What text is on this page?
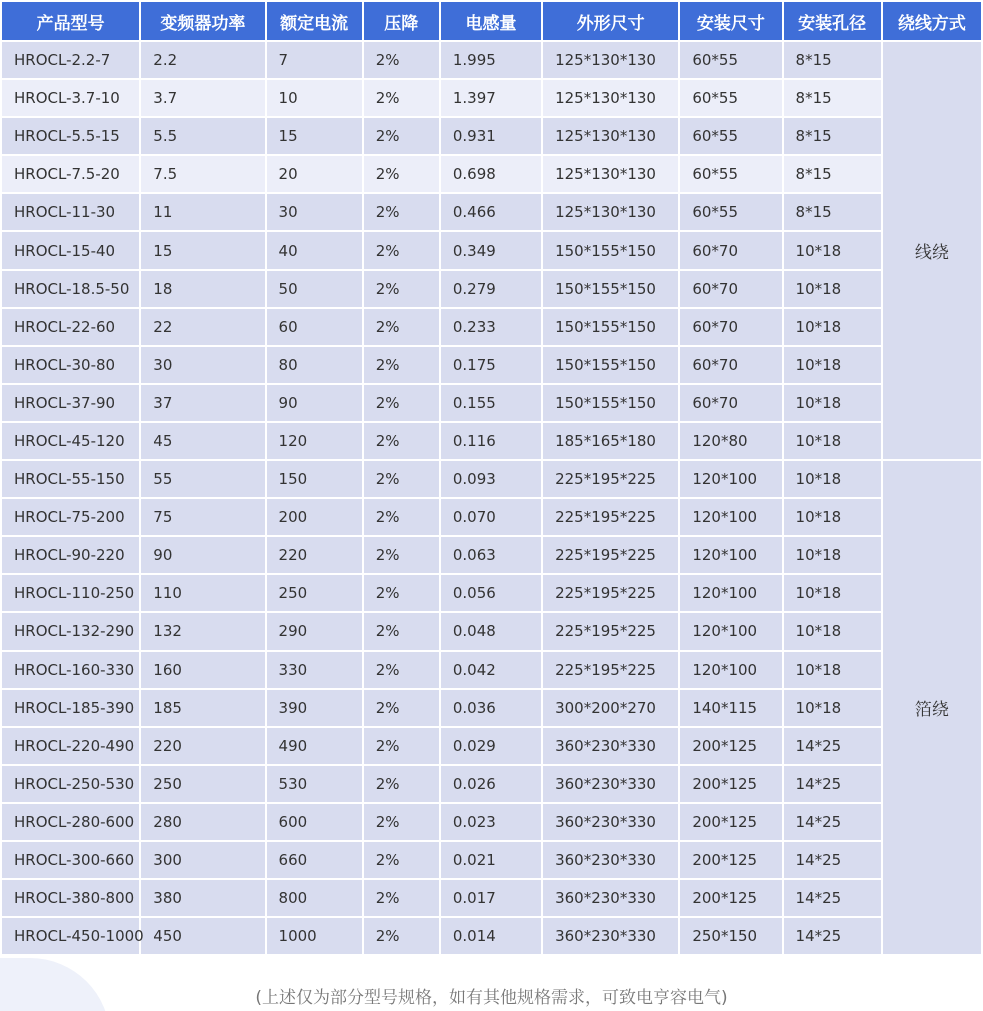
产品型号	变频器功率	额定电流	压降	电感量	外形尺寸	安装尺寸	安装孔径	绕线方式
HROCL-2.2-7	2.2	7	2%	1.995	125*130*130	60*55	8*15	线绕
HROCL-3.7-10	3.7	10	2%	1.397	125*130*130	60*55	8*15	
HROCL-5.5-15	5.5	15	2%	0.931	125*130*130	60*55	8*15	
HROCL-7.5-20	7.5	20	2%	0.698	125*130*130	60*55	8*15	
HROCL-11-30	11	30	2%	0.466	125*130*130	60*55	8*15	
HROCL-15-40	15	40	2%	0.349	150*155*150	60*70	10*18	
HROCL-18.5-50	18	50	2%	0.279	150*155*150	60*70	10*18	
HROCL-22-60	22	60	2%	0.233	150*155*150	60*70	10*18	
HROCL-30-80	30	80	2%	0.175	150*155*150	60*70	10*18	
HROCL-37-90	37	90	2%	0.155	150*155*150	60*70	10*18	
HROCL-45-120	45	120	2%	0.116	185*165*180	120*80	10*18	
HROCL-55-150	55	150	2%	0.093	225*195*225	120*100	10*18	箔绕
HROCL-75-200	75	200	2%	0.070	225*195*225	120*100	10*18	
HROCL-90-220	90	220	2%	0.063	225*195*225	120*100	10*18	
HROCL-110-250	110	250	2%	0.056	225*195*225	120*100	10*18	
HROCL-132-290	132	290	2%	0.048	225*195*225	120*100	10*18	
HROCL-160-330	160	330	2%	0.042	225*195*225	120*100	10*18	
HROCL-185-390	185	390	2%	0.036	300*200*270	140*115	10*18	
HROCL-220-490	220	490	2%	0.029	360*230*330	200*125	14*25	
HROCL-250-530	250	530	2%	0.026	360*230*330	200*125	14*25	
HROCL-280-600	280	600	2%	0.023	360*230*330	200*125	14*25	
HROCL-300-660	300	660	2%	0.021	360*230*330	200*125	14*25	
HROCL-380-800	380	800	2%	0.017	360*230*330	200*125	14*25	
HROCL-450-1000	450	1000	2%	0.014	360*230*330	250*150	14*25	
(上述仅为部分型号规格，如有其他规格需求，可致电亨容电气)
